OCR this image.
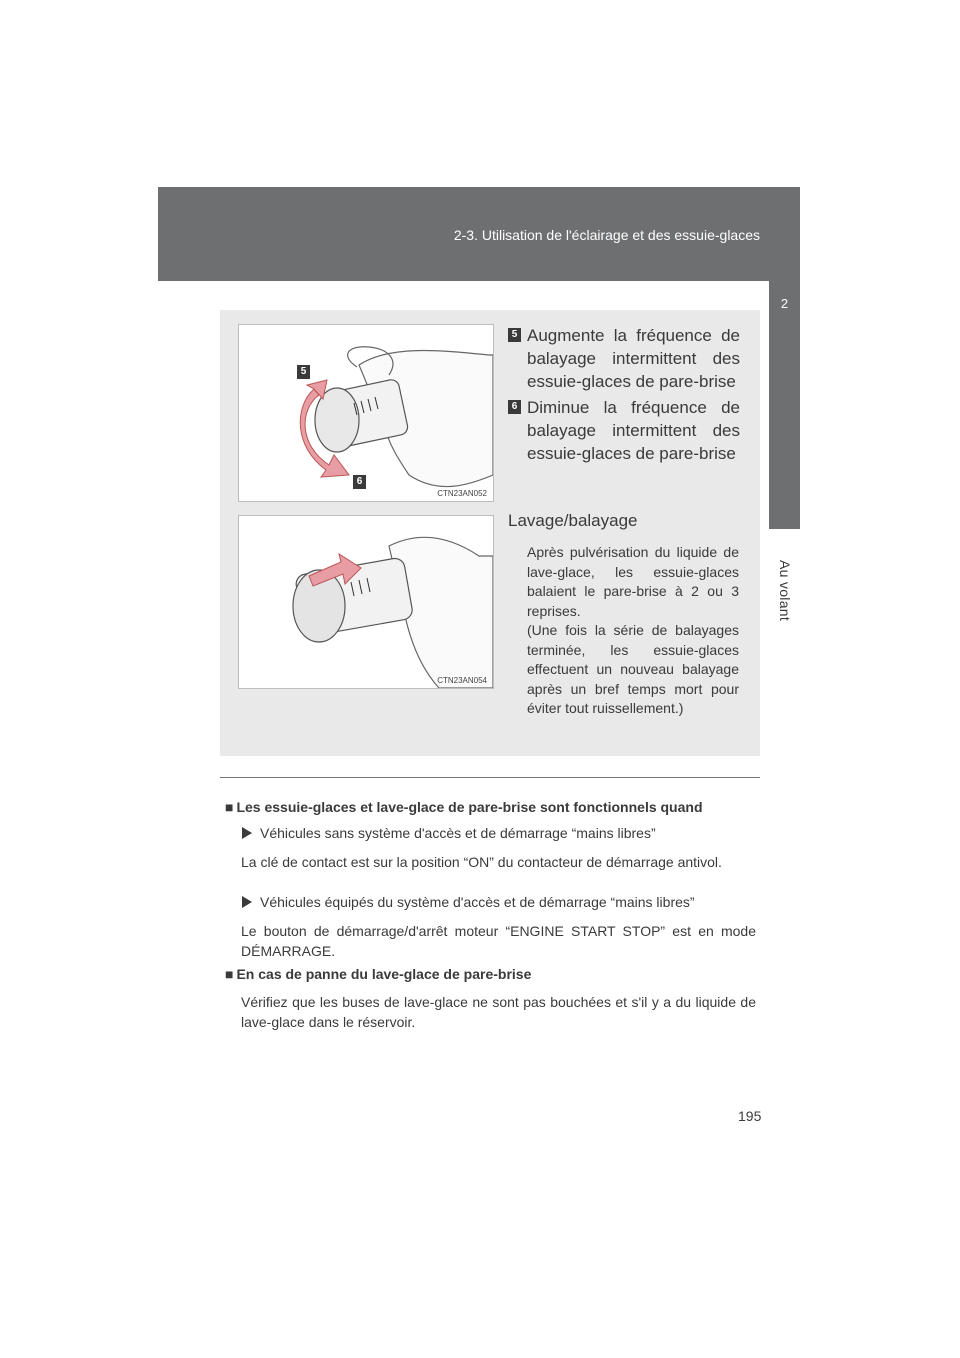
2-3. Utilisation de l'éclairage et des essuie-glaces
2
Au volant
5
6
CTN23AN052
CTN23AN054
5 Augmente la fréquence de balayage intermittent des essuie-glaces de pare-brise
6 Diminue la fréquence de balayage intermittent des essuie-glaces de pare-brise
Lavage/balayage

Après pulvérisation du liquide de lave-glace, les essuie-glaces balaient le pare-brise à 2 ou 3 reprises.

(Une fois la série de balayages terminée, les essuie-glaces effectuent un nouveau balayage après un bref temps mort pour éviter tout ruissellement.)

■ Les essuie-glaces et lave-glace de pare-brise sont fonctionnels quand
Véhicules sans système d'accès et de démarrage “mains libres”
La clé de contact est sur la position “ON” du contacteur de démarrage antivol.
Véhicules équipés du système d'accès et de démarrage “mains libres”
Le bouton de démarrage/d'arrêt moteur “ENGINE START STOP” est en mode DÉMARRAGE.
■ En cas de panne du lave-glace de pare-brise
Vérifiez que les buses de lave-glace ne sont pas bouchées et s'il y a du liquide de lave-glace dans le réservoir.
195
